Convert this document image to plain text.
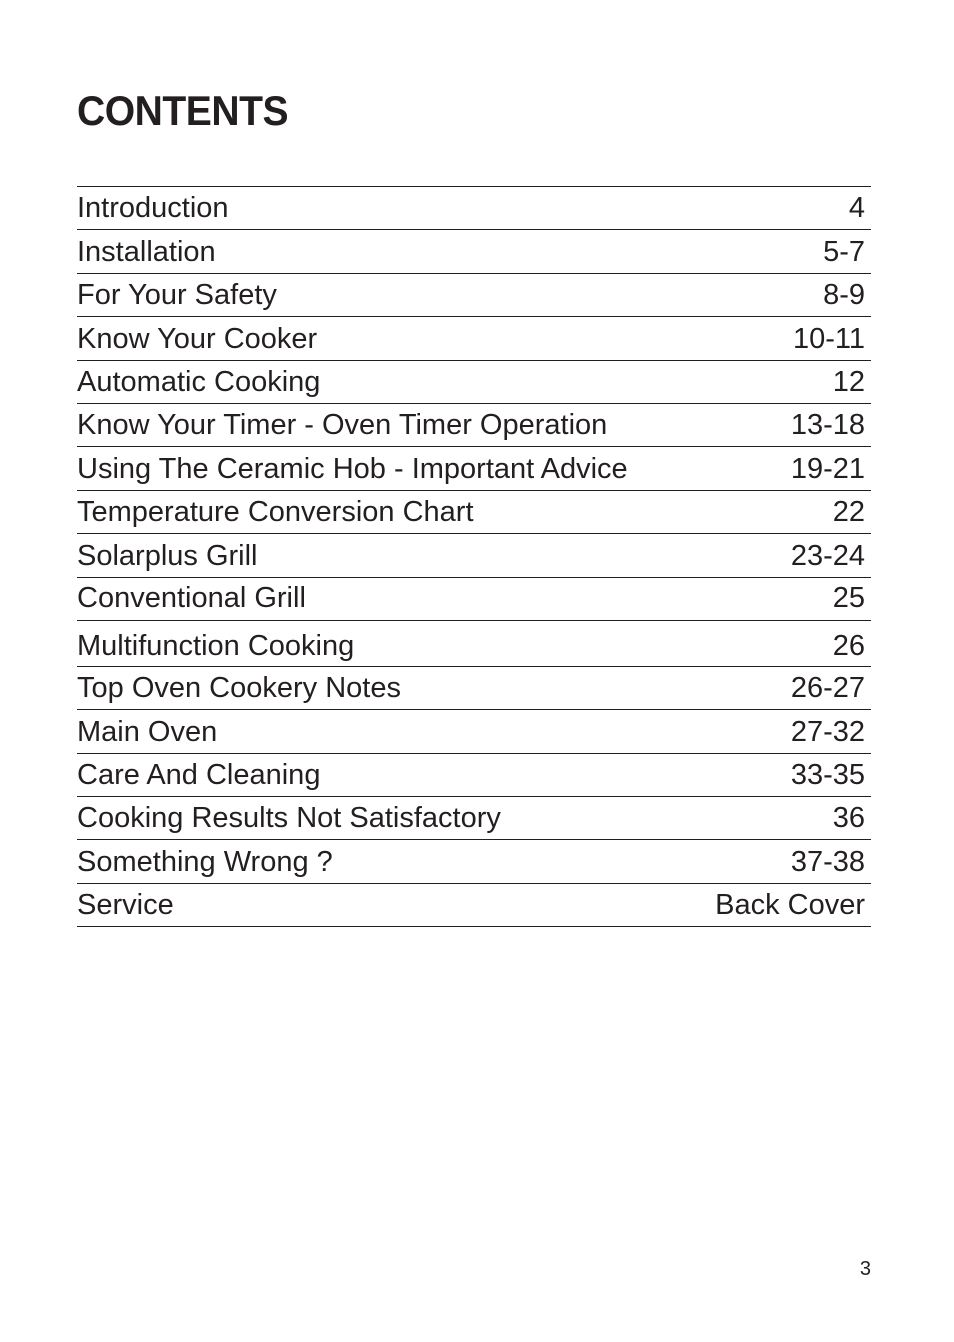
CONTENTS
Introduction	4
Installation	5-7
For Your Safety	8-9
Know Your Cooker	10-11
Automatic Cooking	12
Know Your Timer - Oven Timer Operation	13-18
Using The Ceramic Hob - Important Advice	19-21
Temperature Conversion Chart	22
Solarplus Grill	23-24
Conventional Grill	25
Multifunction Cooking	26
Top Oven Cookery Notes	26-27
Main Oven	27-32
Care And Cleaning	33-35
Cooking Results Not Satisfactory	36
Something Wrong ?	37-38
Service	Back Cover
3
